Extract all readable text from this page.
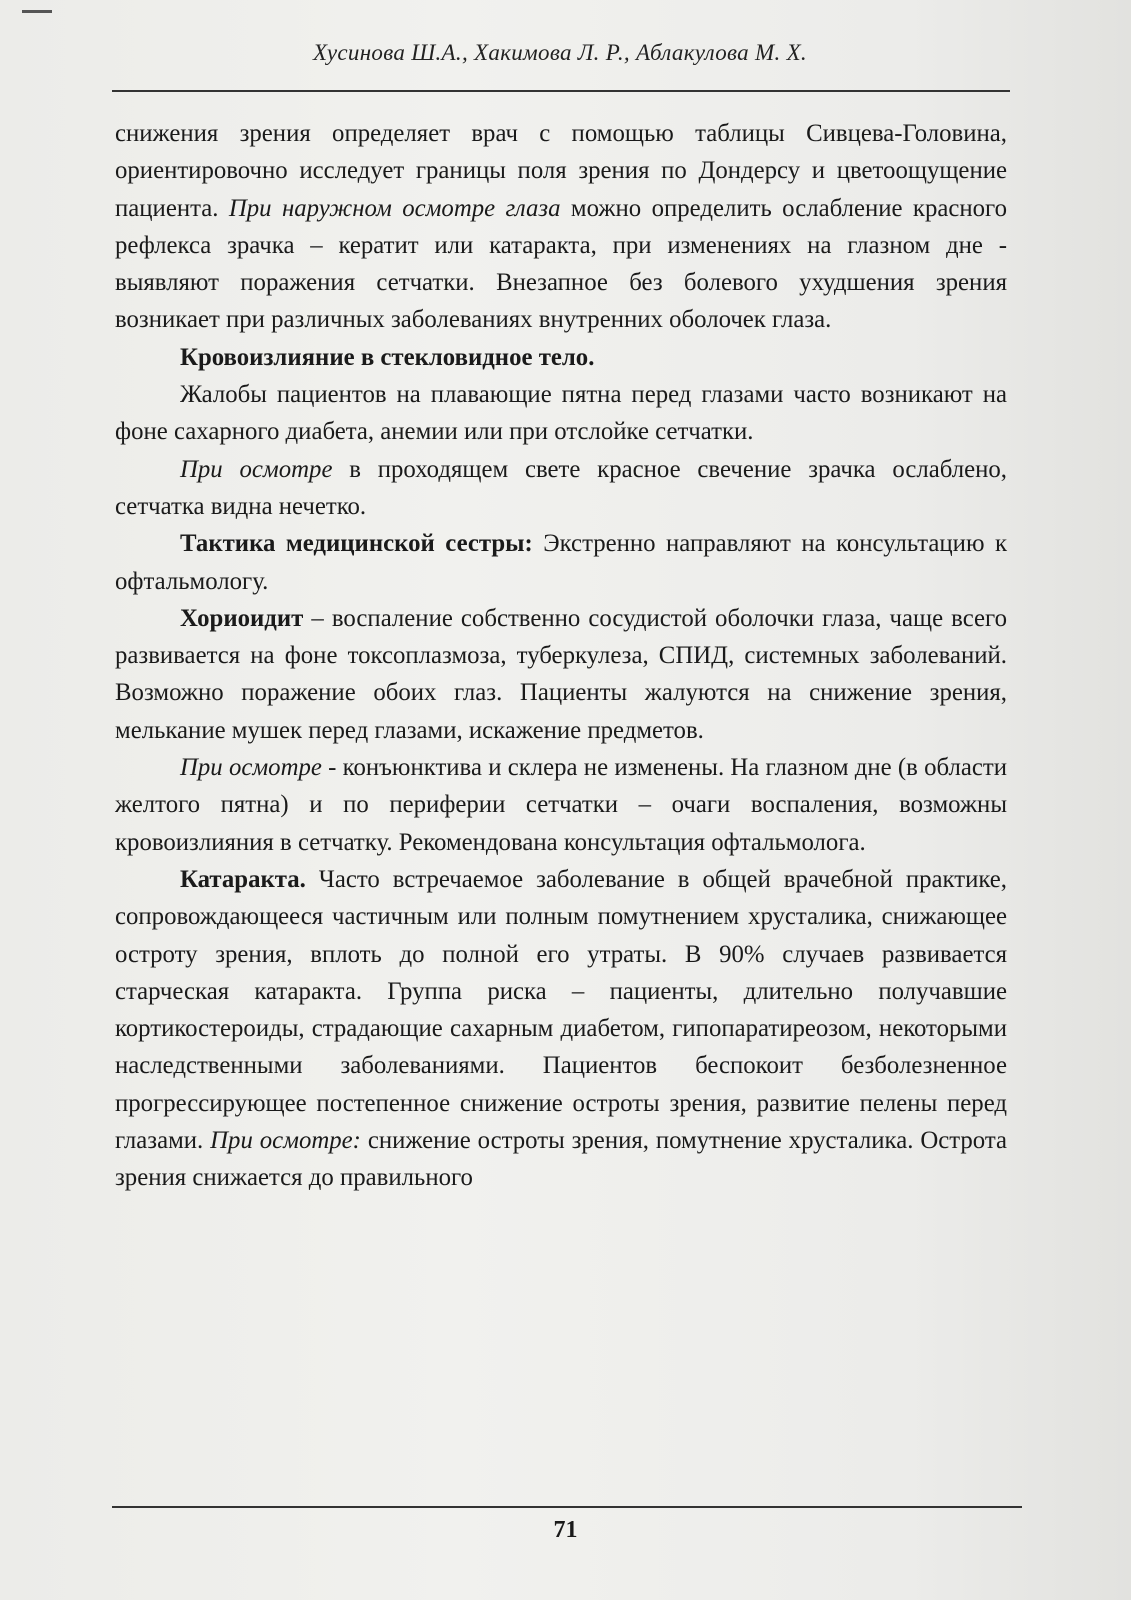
Хусинова Ш.А., Хакимова Л. Р., Аблакулова М. Х.

снижения зрения определяет врач с помощью таблицы Сивцева-Головина, ориентировочно исследует границы поля зрения по Дондерсу и цветоощущение пациента. При наружном осмотре глаза можно определить ослабление красного рефлекса зрачка – кератит или катаракта, при изменениях на глазном дне - выявляют поражения сетчатки. Внезапное без болевого ухудшения зрения возникает при различных заболеваниях внутренних оболочек глаза.

Кровоизлияние в стекловидное тело.

Жалобы пациентов на плавающие пятна перед глазами часто возникают на фоне сахарного диабета, анемии или при отслойке сетчатки.

При осмотре в проходящем свете красное свечение зрачка ослаблено, сетчатка видна нечетко.

Тактика медицинской сестры: Экстренно направляют на консультацию к офтальмологу.

Хориоидит – воспаление собственно сосудистой оболочки глаза, чаще всего развивается на фоне токсоплазмоза, туберкулеза, СПИД, системных заболеваний. Возможно поражение обоих глаз. Пациенты жалуются на снижение зрения, мелькание мушек перед глазами, искажение предметов.

При осмотре - конъюнктива и склера не изменены. На глазном дне (в области желтого пятна) и по периферии сетчатки – очаги воспаления, возможны кровоизлияния в сетчатку. Рекомендована консультация офтальмолога.

Катаракта. Часто встречаемое заболевание в общей врачебной практике, сопровождающееся частичным или полным помутнением хрусталика, снижающее остроту зрения, вплоть до полной его утраты. В 90% случаев развивается старческая катаракта. Группа риска – пациенты, длительно получавшие кортикостероиды, страдающие сахарным диабетом, гипопаратиреозом, некоторыми наследственными заболеваниями. Пациентов беспокоит безболезненное прогрессирующее постепенное снижение остроты зрения, развитие пелены перед глазами. При осмотре: снижение остроты зрения, помутнение хрусталика. Острота зрения снижается до правильного

71
